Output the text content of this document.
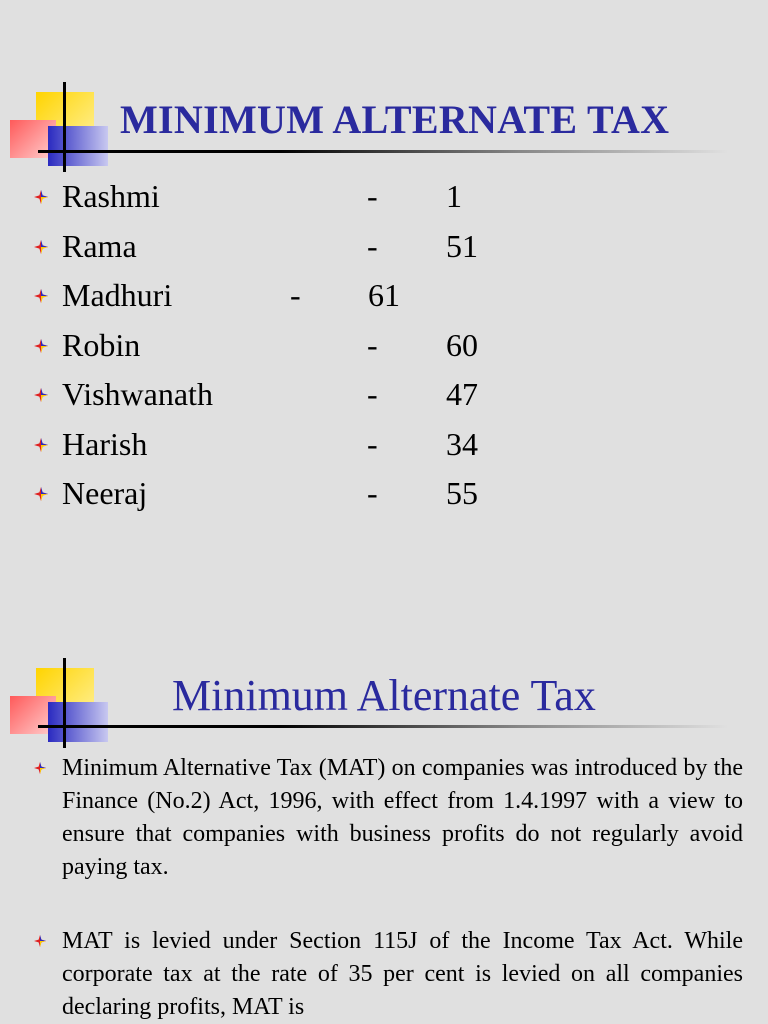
MINIMUM ALTERNATE TAX
Rashmi	- 1
Rama	- 51
Madhuri	- 61
Robin	- 60
Vishwanath	- 47
Harish	- 34
Neeraj	- 55
Minimum Alternate Tax

Minimum Alternative Tax (MAT) on companies was introduced by the Finance (No.2) Act, 1996, with effect from 1.4.1997 with a view to ensure that companies with business profits do not regularly avoid paying tax.

MAT is levied under Section 115J of the Income Tax Act. While corporate tax at the rate of 35 per cent is levied on all companies declaring profits, MAT is
